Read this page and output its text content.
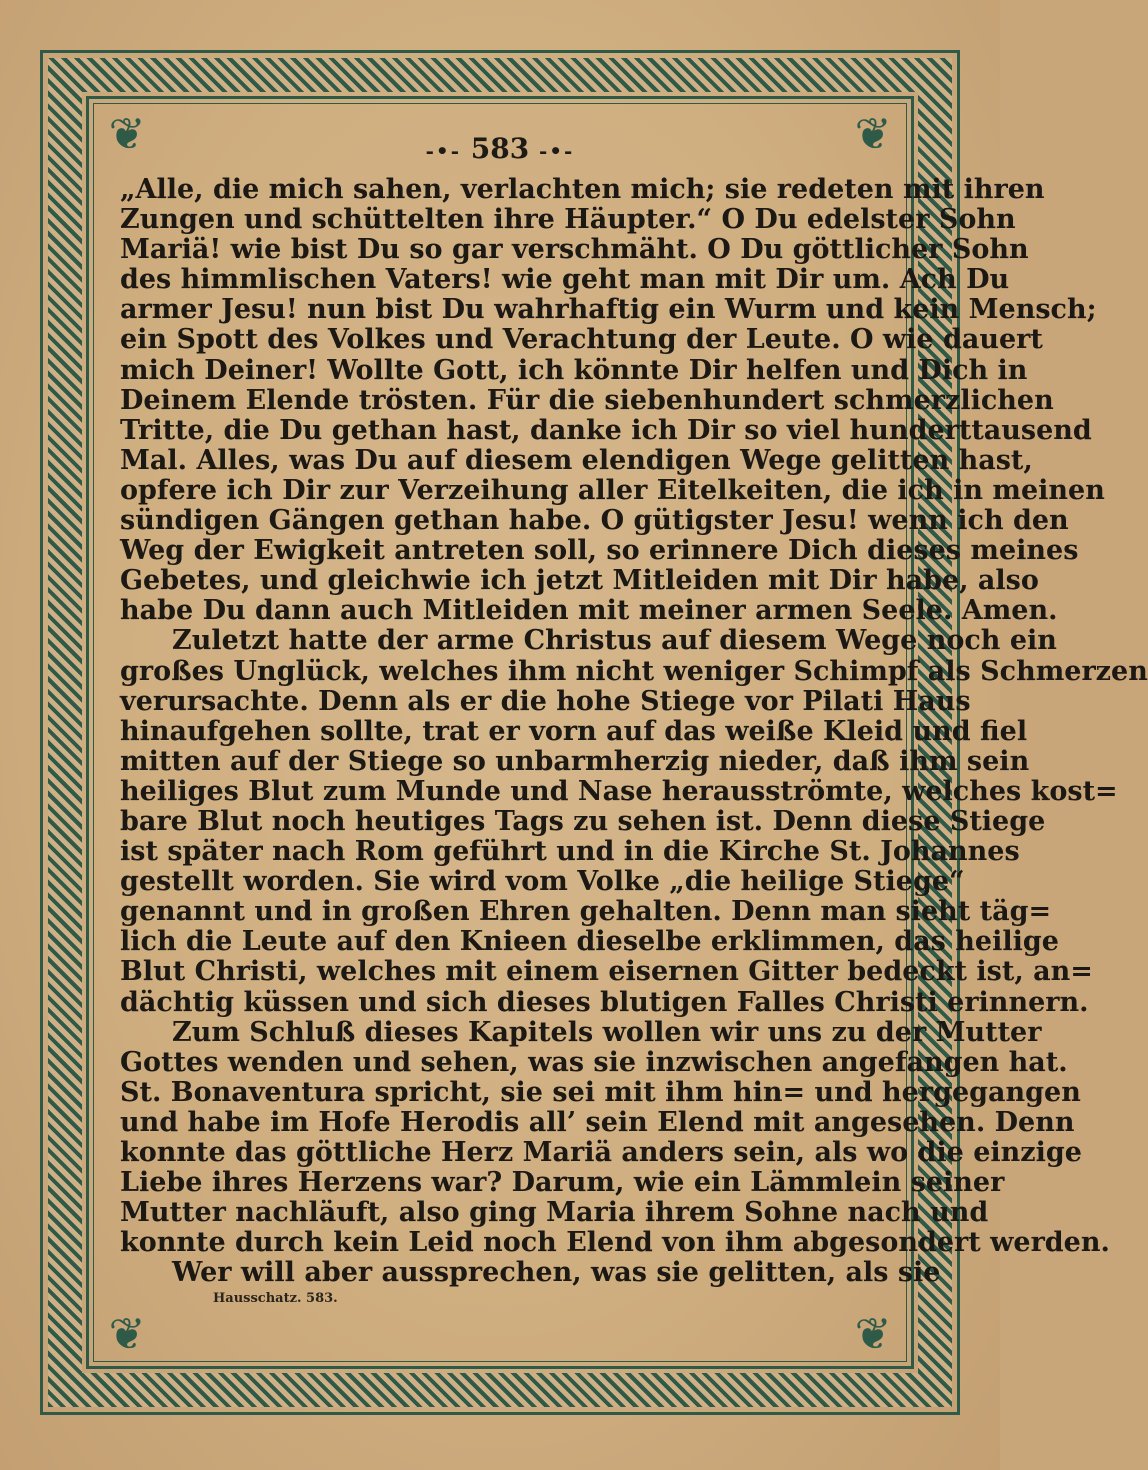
❦	❦
❦	❦
-•- 583 -•-
„Alle, die mich sahen, verlachten mich; sie redeten mit ihren
Zungen und schüttelten ihre Häupter.“ O Du edelster Sohn
Mariä! wie bist Du so gar verschmäht. O Du göttlicher Sohn
des himmlischen Vaters! wie geht man mit Dir um. Ach Du
armer Jesu! nun bist Du wahrhaftig ein Wurm und kein Mensch;
ein Spott des Volkes und Verachtung der Leute. O wie dauert
mich Deiner! Wollte Gott, ich könnte Dir helfen und Dich in
Deinem Elende trösten. Für die siebenhundert schmerzlichen
Tritte, die Du gethan hast, danke ich Dir so viel hunderttausend
Mal. Alles, was Du auf diesem elendigen Wege gelitten hast,
opfere ich Dir zur Verzeihung aller Eitelkeiten, die ich in meinen
sündigen Gängen gethan habe. O gütigster Jesu! wenn ich den
Weg der Ewigkeit antreten soll, so erinnere Dich dieses meines
Gebetes, und gleichwie ich jetzt Mitleiden mit Dir habe, also
habe Du dann auch Mitleiden mit meiner armen Seele. Amen.
Zuletzt hatte der arme Christus auf diesem Wege noch ein
großes Unglück, welches ihm nicht weniger Schimpf als Schmerzen
verursachte. Denn als er die hohe Stiege vor Pilati Haus
hinaufgehen sollte, trat er vorn auf das weiße Kleid und fiel
mitten auf der Stiege so unbarmherzig nieder, daß ihm sein
heiliges Blut zum Munde und Nase herausströmte, welches kost=
bare Blut noch heutiges Tags zu sehen ist. Denn diese Stiege
ist später nach Rom geführt und in die Kirche St. Johannes
gestellt worden. Sie wird vom Volke „die heilige Stiege“
genannt und in großen Ehren gehalten. Denn man sieht täg=
lich die Leute auf den Knieen dieselbe erklimmen, das heilige
Blut Christi, welches mit einem eisernen Gitter bedeckt ist, an=
dächtig küssen und sich dieses blutigen Falles Christi erinnern.
Zum Schluß dieses Kapitels wollen wir uns zu der Mutter
Gottes wenden und sehen, was sie inzwischen angefangen hat.
St. Bonaventura spricht, sie sei mit ihm hin= und hergegangen
und habe im Hofe Herodis all’ sein Elend mit angesehen. Denn
konnte das göttliche Herz Mariä anders sein, als wo die einzige
Liebe ihres Herzens war? Darum, wie ein Lämmlein seiner
Mutter nachläuft, also ging Maria ihrem Sohne nach und
konnte durch kein Leid noch Elend von ihm abgesondert werden.
Wer will aber aussprechen, was sie gelitten, als sie
Hausschatz. 583.
